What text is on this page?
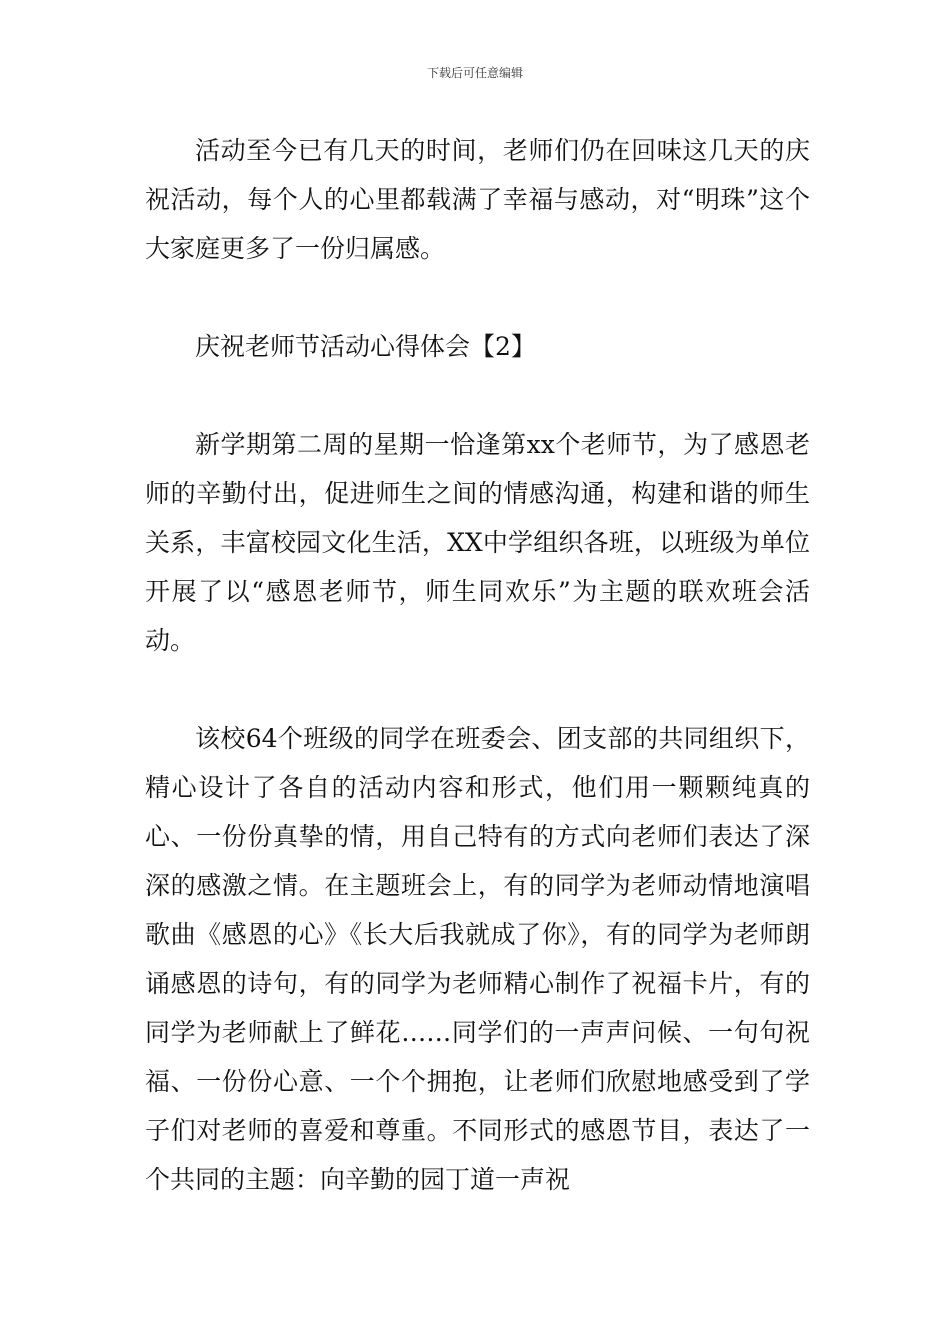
下载后可任意编辑

活动至今已有几天的时间，老师们仍在回味这几天的庆祝活动，每个人的心里都载满了幸福与感动，对“明珠”这个大家庭更多了一份归属感。

庆祝老师节活动心得体会【2】

新学期第二周的星期一恰逢第xx个老师节，为了感恩老师的辛勤付出，促进师生之间的情感沟通，构建和谐的师生关系，丰富校园文化生活，XX中学组织各班，以班级为单位开展了以“感恩老师节，师生同欢乐”为主题的联欢班会活动。

该校64个班级的同学在班委会、团支部的共同组织下，精心设计了各自的活动内容和形式，他们用一颗颗纯真的心、一份份真挚的情，用自己特有的方式向老师们表达了深深的感激之情。在主题班会上，有的同学为老师动情地演唱歌曲《感恩的心》《长大后我就成了你》，有的同学为老师朗诵感恩的诗句，有的同学为老师精心制作了祝福卡片，有的同学为老师献上了鲜花……同学们的一声声问候、一句句祝福、一份份心意、一个个拥抱，让老师们欣慰地感受到了学子们对老师的喜爱和尊重。不同形式的感恩节目，表达了一个共同的主题：向辛勤的园丁道一声祝
